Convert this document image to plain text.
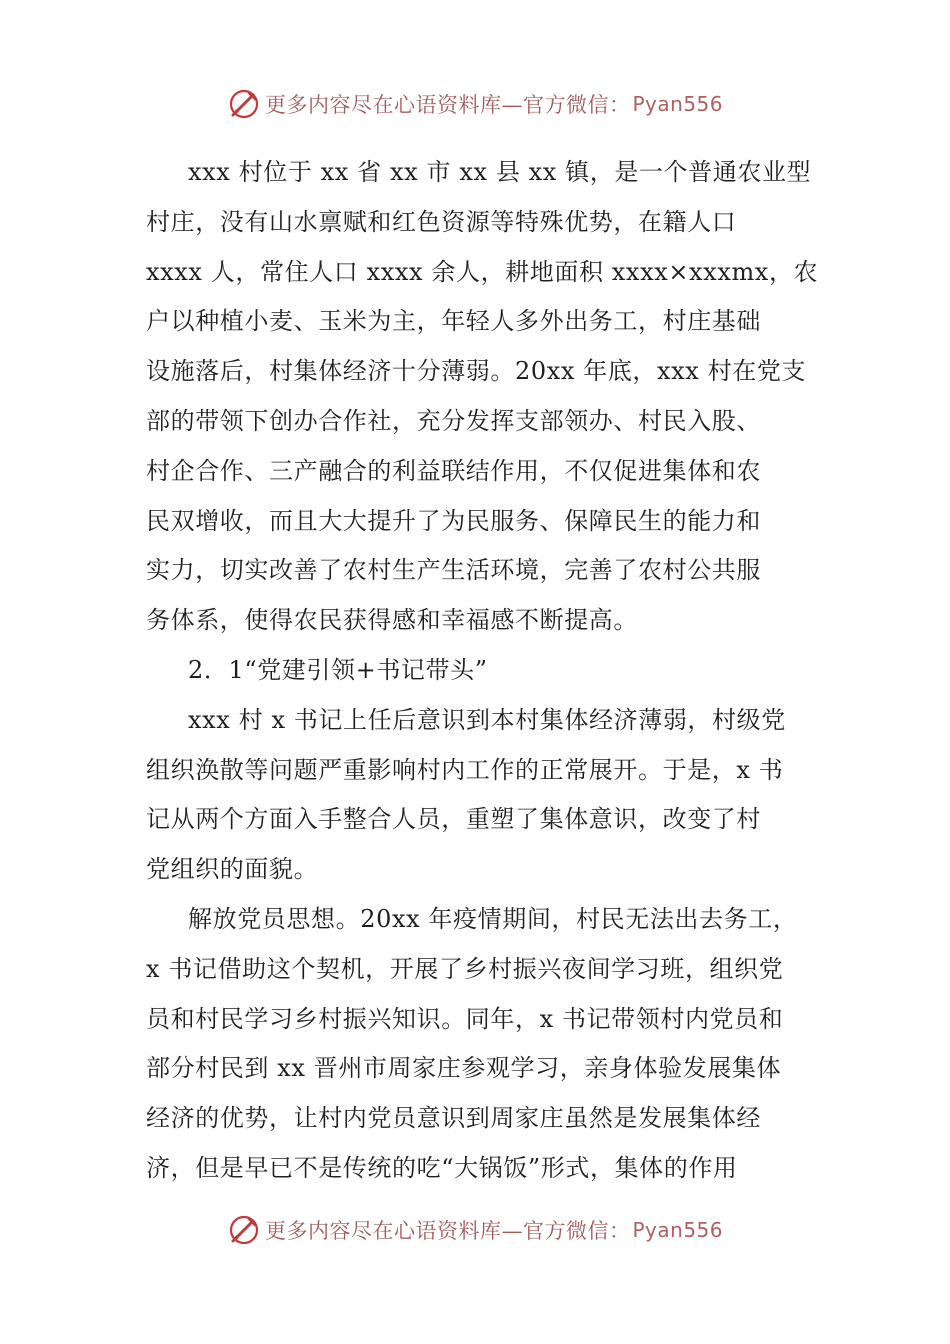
更多内容尽在心语资料库—官方微信： Pyan556
xxx 村位于 xx 省 xx 市 xx 县 xx 镇，是一个普通农业型
村庄，没有山水禀赋和红色资源等特殊优势，在籍人口
xxxx 人，常住人口 xxxx 余人，耕地面积 xxxx×xxxmx，农
户以种植小麦、玉米为主，年轻人多外出务工，村庄基础
设施落后，村集体经济十分薄弱。20xx 年底，xxx 村在党支
部的带领下创办合作社，充分发挥支部领办、村民入股、
村企合作、三产融合的利益联结作用，不仅促进集体和农
民双增收，而且大大提升了为民服务、保障民生的能力和
实力，切实改善了农村生产生活环境，完善了农村公共服
务体系，使得农民获得感和幸福感不断提高。
2．1“党建引领+书记带头”
xxx 村 x 书记上任后意识到本村集体经济薄弱，村级党
组织涣散等问题严重影响村内工作的正常展开。于是，x 书
记从两个方面入手整合人员，重塑了集体意识，改变了村
党组织的面貌。
解放党员思想。20xx 年疫情期间，村民无法出去务工，
x 书记借助这个契机，开展了乡村振兴夜间学习班，组织党
员和村民学习乡村振兴知识。同年，x 书记带领村内党员和
部分村民到 xx 晋州市周家庄参观学习，亲身体验发展集体
经济的优势，让村内党员意识到周家庄虽然是发展集体经
济，但是早已不是传统的吃“大锅饭”形式，集体的作用
更多内容尽在心语资料库—官方微信： Pyan556
